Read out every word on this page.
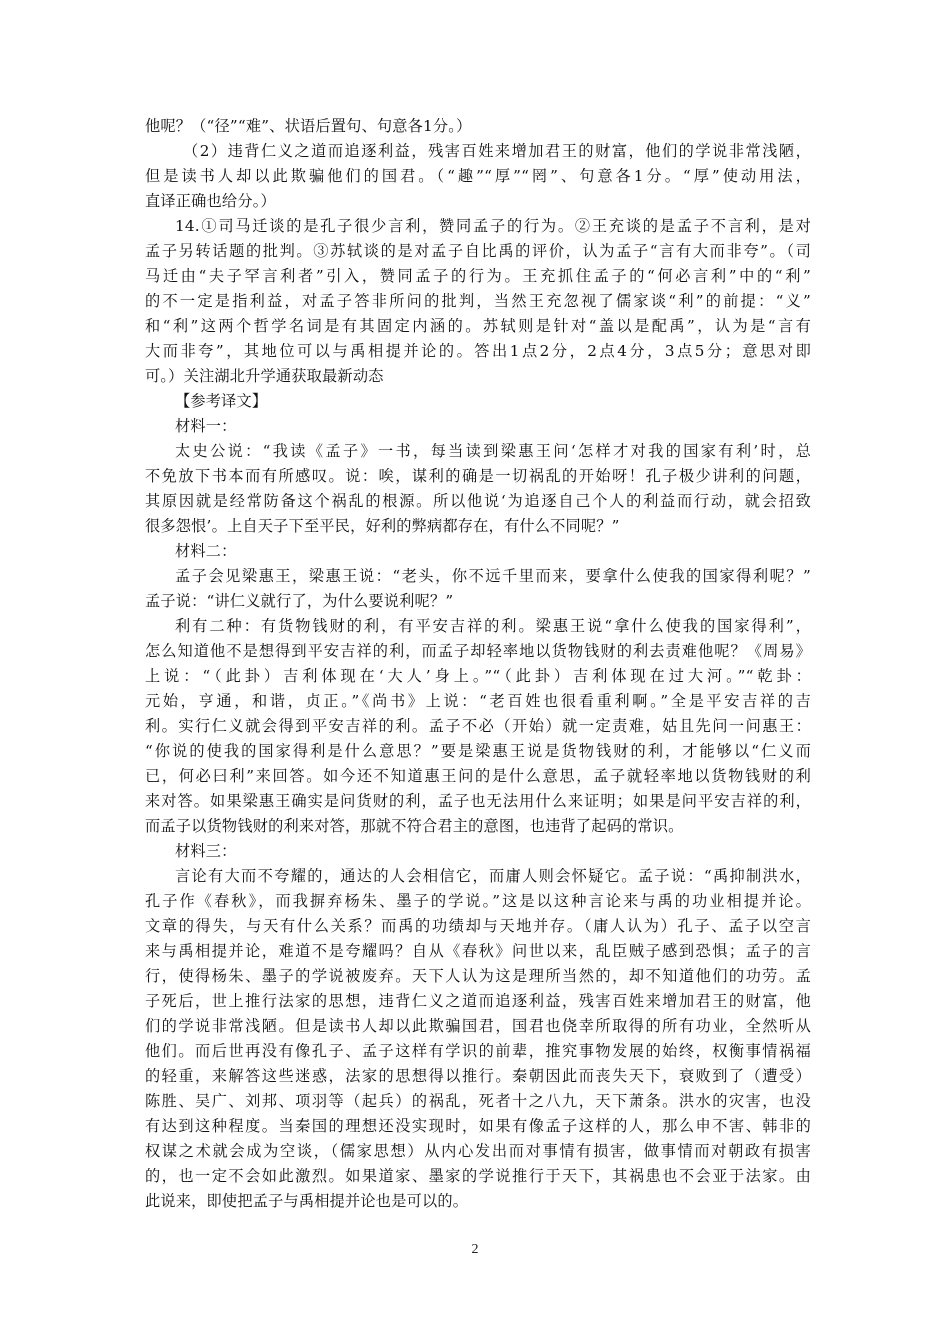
他呢？（“径”“难”、状语后置句、句意各1分。）
（2）违背仁义之道而追逐利益，残害百姓来增加君王的财富，他们的学说非常浅陋，
但是读书人却以此欺骗他们的国君。（“趣”“厚”“罔”、句意各1分。“厚”使动用法，
直译正确也给分。）
14.①司马迁谈的是孔子很少言利，赞同孟子的行为。②王充谈的是孟子不言利，是对
孟子另转话题的批判。③苏轼谈的是对孟子自比禹的评价，认为孟子“言有大而非夸”。（司
马迁由“夫子罕言利者”引入，赞同孟子的行为。王充抓住孟子的“何必言利”中的“利”
的不一定是指利益，对孟子答非所问的批判，当然王充忽视了儒家谈“利”的前提：“义”
和“利”这两个哲学名词是有其固定内涵的。苏轼则是针对“盖以是配禹”，认为是“言有
大而非夸”，其地位可以与禹相提并论的。答出1点2分，2点4分，3点5分；意思对即
可。）关注湖北升学通获取最新动态
【参考译文】
材料一：
太史公说：“我读《孟子》一书，每当读到梁惠王问‘怎样才对我的国家有利’时，总
不免放下书本而有所感叹。说：唉，谋利的确是一切祸乱的开始呀！孔子极少讲利的问题，
其原因就是经常防备这个祸乱的根源。所以他说‘为追逐自己个人的利益而行动，就会招致
很多怨恨’。上自天子下至平民，好利的弊病都存在，有什么不同呢？”
材料二：
孟子会见梁惠王，梁惠王说：“老头，你不远千里而来，要拿什么使我的国家得利呢？”
孟子说：“讲仁义就行了，为什么要说利呢？”
利有二种：有货物钱财的利，有平安吉祥的利。梁惠王说“拿什么使我的国家得利”，
怎么知道他不是想得到平安吉祥的利，而孟子却轻率地以货物钱财的利去责难他呢？《周易》
上说：“（此卦）吉利体现在‘大人’身上。”“（此卦）吉利体现在过大河。”“乾卦：
元始，亨通，和谐，贞正。”《尚书》上说：“老百姓也很看重利啊。”全是平安吉祥的吉
利。实行仁义就会得到平安吉祥的利。孟子不必（开始）就一定责难，姑且先问一问惠王：
“你说的使我的国家得利是什么意思？”要是梁惠王说是货物钱财的利，才能够以“仁义而
已，何必曰利”来回答。如今还不知道惠王问的是什么意思，孟子就轻率地以货物钱财的利
来对答。如果梁惠王确实是问货财的利，孟子也无法用什么来证明；如果是问平安吉祥的利，
而孟子以货物钱财的利来对答，那就不符合君主的意图，也违背了起码的常识。
材料三：
言论有大而不夸耀的，通达的人会相信它，而庸人则会怀疑它。孟子说：“禹抑制洪水，
孔子作《春秋》，而我摒弃杨朱、墨子的学说。”这是以这种言论来与禹的功业相提并论。
文章的得失，与天有什么关系？而禹的功绩却与天地并存。（庸人认为）孔子、孟子以空言
来与禹相提并论，难道不是夸耀吗？自从《春秋》问世以来，乱臣贼子感到恐惧；孟子的言
行，使得杨朱、墨子的学说被废弃。天下人认为这是理所当然的，却不知道他们的功劳。孟
子死后，世上推行法家的思想，违背仁义之道而追逐利益，残害百姓来增加君王的财富，他
们的学说非常浅陋。但是读书人却以此欺骗国君，国君也侥幸所取得的所有功业，全然听从
他们。而后世再没有像孔子、孟子这样有学识的前辈，推究事物发展的始终，权衡事情祸福
的轻重，来解答这些迷惑，法家的思想得以推行。秦朝因此而丧失天下，衰败到了（遭受）
陈胜、吴广、刘邦、项羽等（起兵）的祸乱，死者十之八九，天下萧条。洪水的灾害，也没
有达到这种程度。当秦国的理想还没实现时，如果有像孟子这样的人，那么申不害、韩非的
权谋之术就会成为空谈，（儒家思想）从内心发出而对事情有损害，做事情而对朝政有损害
的，也一定不会如此激烈。如果道家、墨家的学说推行于天下，其祸患也不会亚于法家。由
此说来，即使把孟子与禹相提并论也是可以的。
2
